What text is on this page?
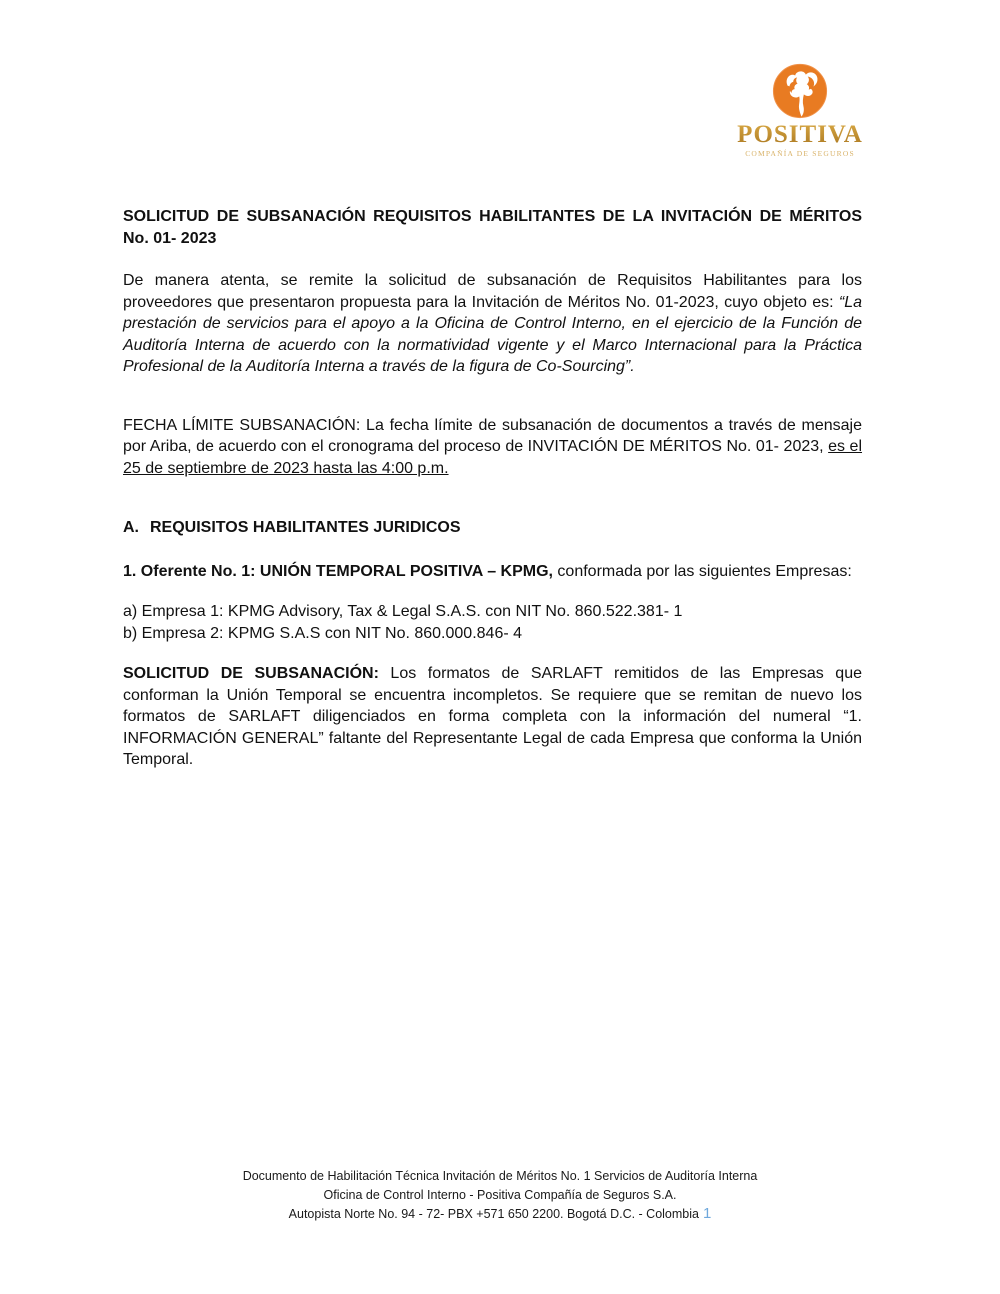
POSITIVA
COMPAÑÍA DE SEGUROS

SOLICITUD DE SUBSANACIÓN REQUISITOS HABILITANTES DE LA INVITACIÓN DE MÉRITOS No. 01- 2023

De manera atenta, se remite la solicitud de subsanación de Requisitos Habilitantes para los proveedores que presentaron propuesta para la Invitación de Méritos No. 01-2023, cuyo objeto es: “La prestación de servicios para el apoyo a la Oficina de Control Interno, en el ejercicio de la Función de Auditoría Interna de acuerdo con la normatividad vigente y el Marco Internacional para la Práctica Profesional de la Auditoría Interna a través de la figura de Co-Sourcing”.

FECHA LÍMITE SUBSANACIÓN: La fecha límite de subsanación de documentos a través de mensaje por Ariba, de acuerdo con el cronograma del proceso de INVITACIÓN DE MÉRITOS No. 01- 2023, es el 25 de septiembre de 2023 hasta las 4:00 p.m.

A. REQUISITOS HABILITANTES JURIDICOS

1. Oferente No. 1: UNIÓN TEMPORAL POSITIVA – KPMG, conformada por las siguientes Empresas:

a) Empresa 1: KPMG Advisory, Tax & Legal S.A.S. con NIT No. 860.522.381- 1
b) Empresa 2: KPMG S.A.S con NIT No. 860.000.846- 4

SOLICITUD DE SUBSANACIÓN: Los formatos de SARLAFT remitidos de las Empresas que conforman la Unión Temporal se encuentra incompletos. Se requiere que se remitan de nuevo los formatos de SARLAFT diligenciados en forma completa con la información del numeral “1. INFORMACIÓN GENERAL” faltante del Representante Legal de cada Empresa que conforma la Unión Temporal.

Documento de Habilitación Técnica Invitación de Méritos No. 1 Servicios de Auditoría Interna
Oficina de Control Interno - Positiva Compañía de Seguros S.A.
Autopista Norte No. 94 - 72- PBX +571 650 2200. Bogotá D.C. - Colombia 1
